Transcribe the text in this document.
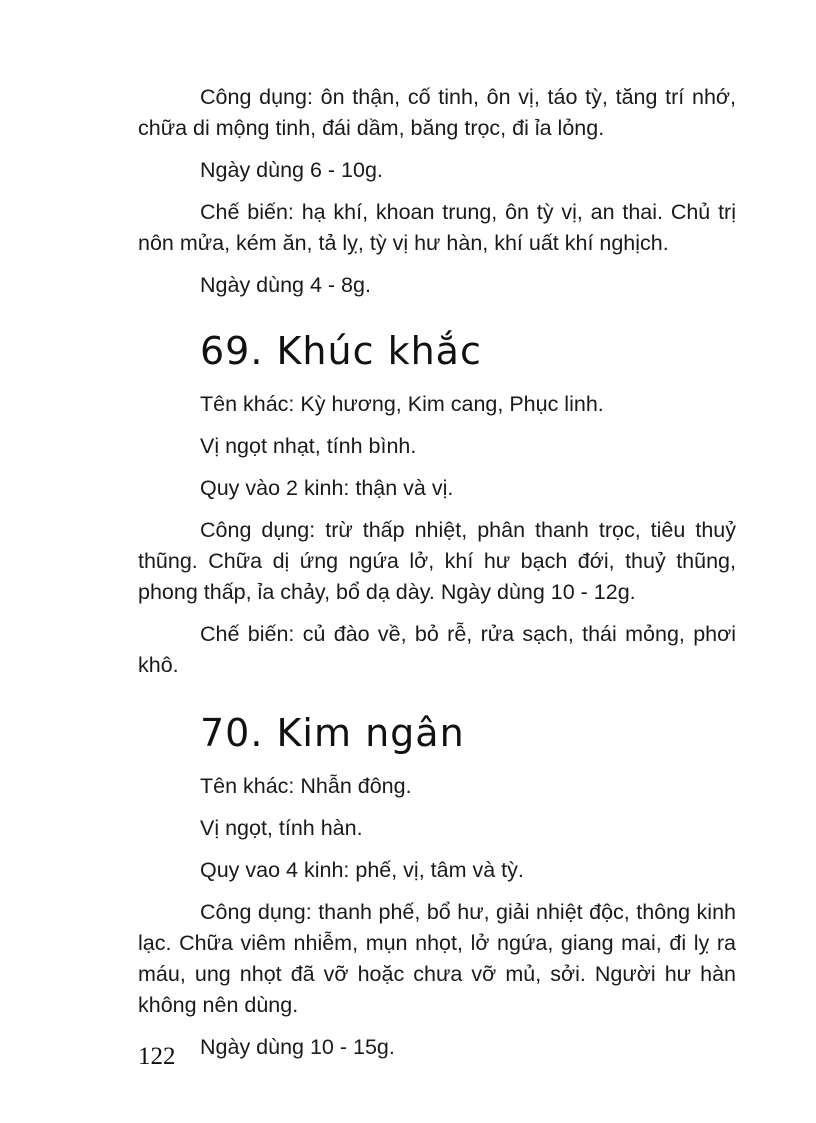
Công dụng: ôn thận, cố tinh, ôn vị, táo tỳ, tăng trí nhớ, chữa di mộng tinh, đái dầm, băng trọc, đi ỉa lỏng.

Ngày dùng 6 - 10g.

Chế biến: hạ khí, khoan trung, ôn tỳ vị, an thai. Chủ trị nôn mửa, kém ăn, tả lỵ, tỳ vị hư hàn, khí uất khí nghịch.

Ngày dùng 4 - 8g.

69. Khúc khắc

Tên khác: Kỳ hương, Kim cang, Phục linh.

Vị ngọt nhạt, tính bình.

Quy vào 2 kinh: thận và vị.

Công dụng: trừ thấp nhiệt, phân thanh trọc, tiêu thuỷ thũng. Chữa dị ứng ngứa lở, khí hư bạch đới, thuỷ thũng, phong thấp, ỉa chảy, bổ dạ dày. Ngày dùng 10 - 12g.

Chế biến: củ đào về, bỏ rễ, rửa sạch, thái mỏng, phơi khô.

70. Kim ngân

Tên khác: Nhẫn đông.

Vị ngọt, tính hàn.

Quy vao 4 kinh: phế, vị, tâm và tỳ.

Công dụng: thanh phế, bổ hư, giải nhiệt độc, thông kinh lạc. Chữa viêm nhiễm, mụn nhọt, lở ngứa, giang mai, đi lỵ ra máu, ung nhọt đã vỡ hoặc chưa vỡ mủ, sởi. Người hư hàn không nên dùng.

Ngày dùng 10 - 15g.

122
